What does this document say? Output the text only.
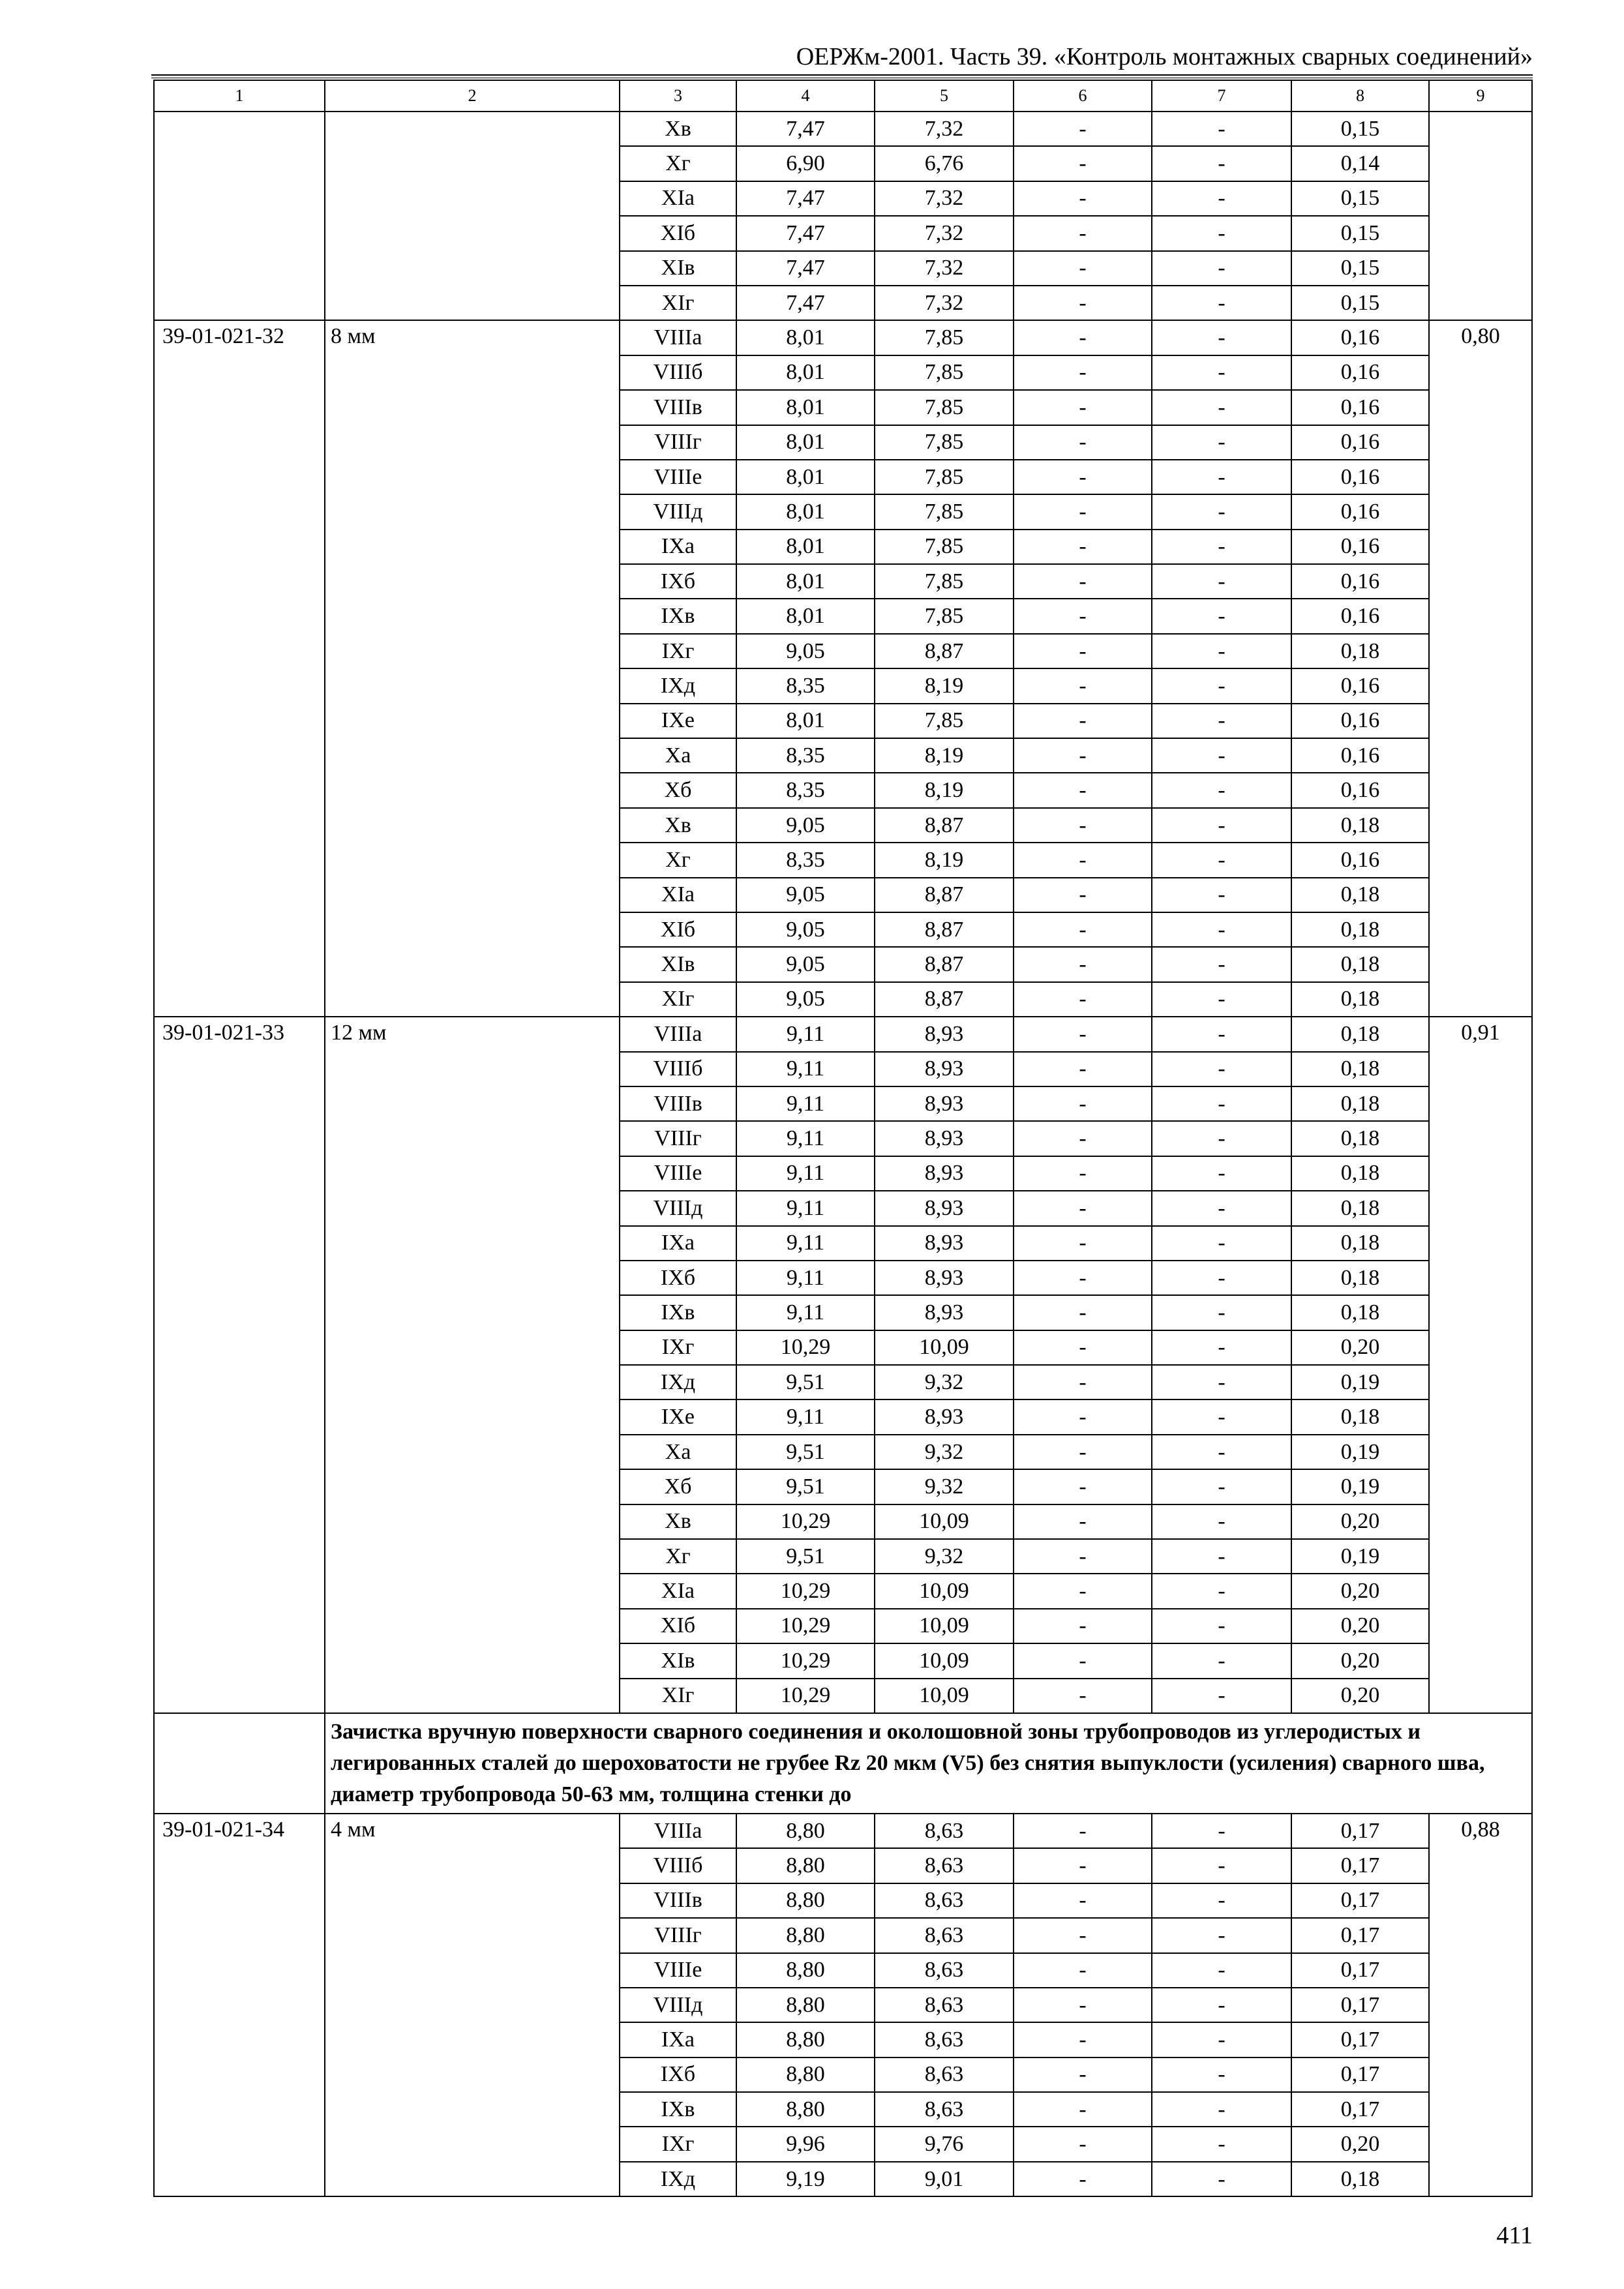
ОЕРЖм-2001. Часть 39. «Контроль монтажных сварных соединений»
1	2	3	4	5	6	7	8	9
		Xв	7,47	7,32	-	-	0,15	
		Xг	6,90	6,76	-	-	0,14	
		XIа	7,47	7,32	-	-	0,15	
		XIб	7,47	7,32	-	-	0,15	
		XIв	7,47	7,32	-	-	0,15	
		XIг	7,47	7,32	-	-	0,15	
39-01-021-32	8 мм	VIIIа	8,01	7,85	-	-	0,16	0,80
		VIIIб	8,01	7,85	-	-	0,16	
		VIIIв	8,01	7,85	-	-	0,16	
		VIIIг	8,01	7,85	-	-	0,16	
		VIIIе	8,01	7,85	-	-	0,16	
		VIIIд	8,01	7,85	-	-	0,16	
		IXа	8,01	7,85	-	-	0,16	
		IXб	8,01	7,85	-	-	0,16	
		IXв	8,01	7,85	-	-	0,16	
		IXг	9,05	8,87	-	-	0,18	
		IXд	8,35	8,19	-	-	0,16	
		IXе	8,01	7,85	-	-	0,16	
		Xа	8,35	8,19	-	-	0,16	
		Xб	8,35	8,19	-	-	0,16	
		Xв	9,05	8,87	-	-	0,18	
		Xг	8,35	8,19	-	-	0,16	
		XIа	9,05	8,87	-	-	0,18	
		XIб	9,05	8,87	-	-	0,18	
		XIв	9,05	8,87	-	-	0,18	
		XIг	9,05	8,87	-	-	0,18	
39-01-021-33	12 мм	VIIIа	9,11	8,93	-	-	0,18	0,91
		VIIIб	9,11	8,93	-	-	0,18	
		VIIIв	9,11	8,93	-	-	0,18	
		VIIIг	9,11	8,93	-	-	0,18	
		VIIIе	9,11	8,93	-	-	0,18	
		VIIIд	9,11	8,93	-	-	0,18	
		IXа	9,11	8,93	-	-	0,18	
		IXб	9,11	8,93	-	-	0,18	
		IXв	9,11	8,93	-	-	0,18	
		IXг	10,29	10,09	-	-	0,20	
		IXд	9,51	9,32	-	-	0,19	
		IXе	9,11	8,93	-	-	0,18	
		Xа	9,51	9,32	-	-	0,19	
		Xб	9,51	9,32	-	-	0,19	
		Xв	10,29	10,09	-	-	0,20	
		Xг	9,51	9,32	-	-	0,19	
		XIа	10,29	10,09	-	-	0,20	
		XIб	10,29	10,09	-	-	0,20	
		XIв	10,29	10,09	-	-	0,20	
		XIг	10,29	10,09	-	-	0,20	
	Зачистка вручную поверхности сварного соединения и околошовной зоны трубопроводов из углеродистых и легированных сталей до шероховатости не грубее Rz 20 мкм (V5) без снятия выпуклости (усиления) сварного шва, диаметр трубопровода 50-63 мм, толщина стенки до							
39-01-021-34	4 мм	VIIIа	8,80	8,63	-	-	0,17	0,88
		VIIIб	8,80	8,63	-	-	0,17	
		VIIIв	8,80	8,63	-	-	0,17	
		VIIIг	8,80	8,63	-	-	0,17	
		VIIIе	8,80	8,63	-	-	0,17	
		VIIIд	8,80	8,63	-	-	0,17	
		IXа	8,80	8,63	-	-	0,17	
		IXб	8,80	8,63	-	-	0,17	
		IXв	8,80	8,63	-	-	0,17	
		IXг	9,96	9,76	-	-	0,20	
		IXд	9,19	9,01	-	-	0,18	
411
